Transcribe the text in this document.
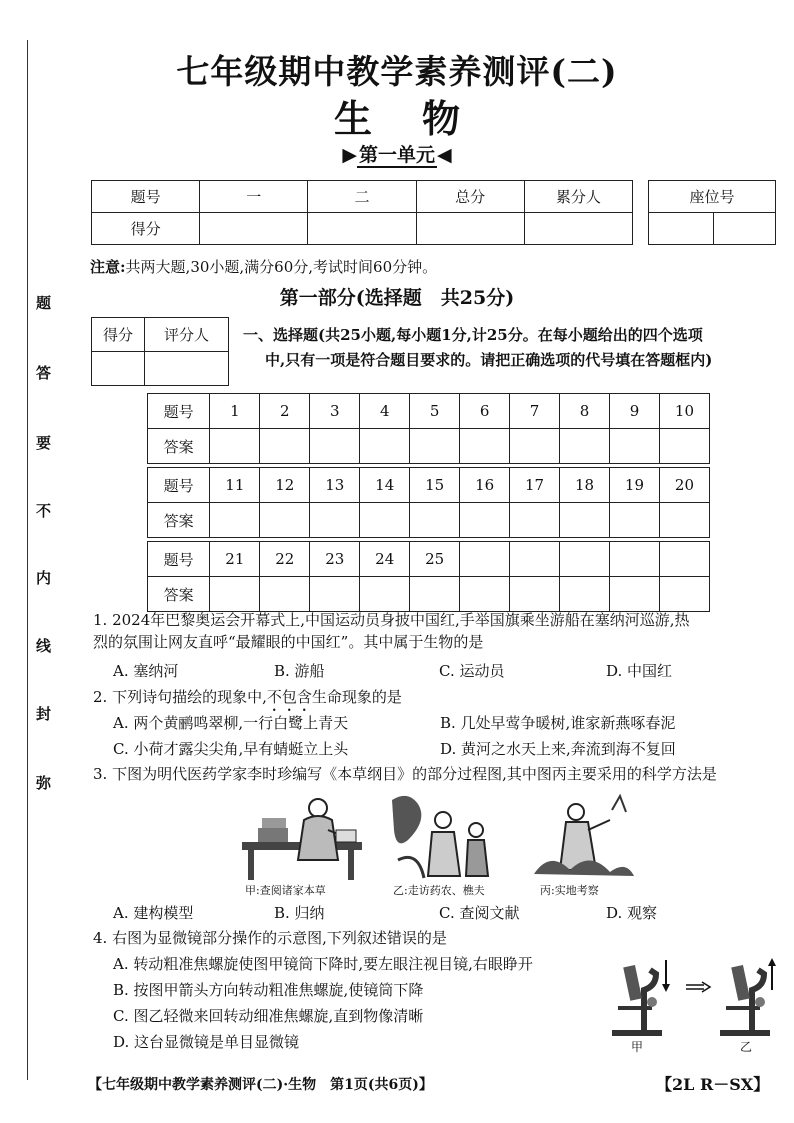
题
答
要
不
内
线
封
弥
七年级期中教学素养测评(二)
生物
▶ 第一单元 ◀
题号	一	二	总分	累分人
得分				
座位号

注意:共两大题,30小题,满分60分,考试时间60分钟。
第一部分(选择题　共25分)
得分	评分人
	一、选择题(共25小题,每小题1分,计25分。在每小题给出的四个选项
中,只有一项是符合题目要求的。请把正确选项的代号填在答题框内)
题号	1	2	3	4	5	6	7	8	9	10
答案										

题号	11	12	13	14	15	16	17	18	19	20
答案										

题号	21	22	23	24	25					
答案										
1. 2024年巴黎奥运会开幕式上,中国运动员身披中国红,手举国旗乘坐游船在塞纳河巡游,热
烈的氛围让网友直呼“最耀眼的中国红”。其中属于生物的是
A. 塞纳河	B. 游船	C. 运动员	D. 中国红
2. 下列诗句描绘的现象中,不包含生命现象的是
A. 两个黄鹂鸣翠柳,一行白鹭上青天	B. 几处早莺争暖树,谁家新燕啄春泥
C. 小荷才露尖尖角,早有蜻蜓立上头	D. 黄河之水天上来,奔流到海不复回
3. 下图为明代医药学家李时珍编写《本草纲目》的部分过程图,其中图丙主要采用的科学方法是
甲:查阅诸家本草	乙:走访药农、樵夫	丙:实地考察
A. 建构模型	B. 归纳	C. 查阅文献	D. 观察
4. 右图为显微镜部分操作的示意图,下列叙述错误的是
A. 转动粗准焦螺旋使图甲镜筒下降时,要左眼注视目镜,右眼睁开
B. 按图甲箭头方向转动粗准焦螺旋,使镜筒下降
C. 图乙轻微来回转动细准焦螺旋,直到物像清晰
D. 这台显微镜是单目显微镜	甲	乙
【七年级期中教学素养测评(二)·生物　第1页(共6页)】	【2L R－SX】
